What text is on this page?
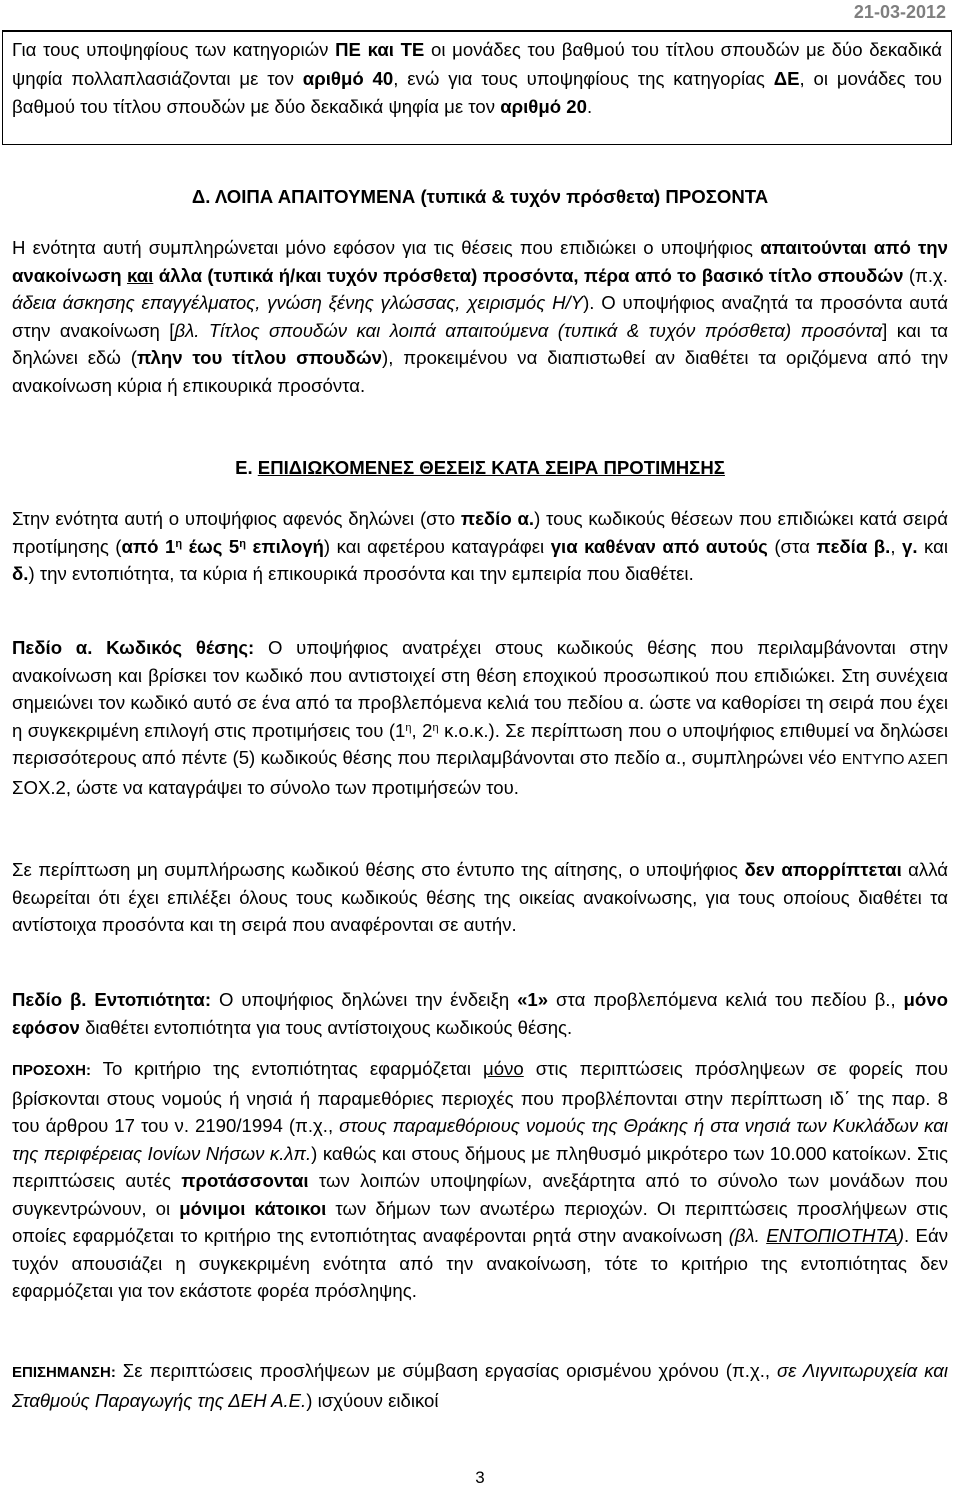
21-03-2012
Για τους υποψηφίους των κατηγοριών ΠΕ και ΤΕ οι μονάδες του βαθμού του τίτλου σπουδών με δύο δεκαδικά ψηφία πολλαπλασιάζονται με τον αριθμό 40, ενώ για τους υποψηφίους της κατηγορίας ΔΕ, οι μονάδες του βαθμού του τίτλου σπουδών με δύο δεκαδικά ψηφία με τον αριθμό 20.
Δ. ΛΟΙΠΑ ΑΠΑΙΤΟΥΜΕΝΑ (τυπικά & τυχόν πρόσθετα) ΠΡΟΣΟΝΤΑ
Η ενότητα αυτή συμπληρώνεται μόνο εφόσον για τις θέσεις που επιδιώκει ο υποψήφιος απαιτούνται από την ανακοίνωση και άλλα (τυπικά ή/και τυχόν πρόσθετα) προσόντα, πέρα από το βασικό τίτλο σπουδών (π.χ. άδεια άσκησης επαγγέλματος, γνώση ξένης γλώσσας, χειρισμός Η/Υ). Ο υποψήφιος αναζητά τα προσόντα αυτά στην ανακοίνωση [βλ. Τίτλος σπουδών και λοιπά απαιτούμενα (τυπικά & τυχόν πρόσθετα) προσόντα] και τα δηλώνει εδώ (πλην του τίτλου σπουδών), προκειμένου να διαπιστωθεί αν διαθέτει τα οριζόμενα από την ανακοίνωση κύρια ή επικουρικά προσόντα.
Ε. ΕΠΙΔΙΩΚΟΜΕΝΕΣ ΘΕΣΕΙΣ ΚΑΤΑ ΣΕΙΡΑ ΠΡΟΤΙΜΗΣΗΣ
Στην ενότητα αυτή ο υποψήφιος αφενός δηλώνει (στο πεδίο α.) τους κωδικούς θέσεων που επιδιώκει κατά σειρά προτίμησης (από $1^\eta$ έως $5^\eta$ επιλογή) και αφετέρου καταγράφει για καθέναν από αυτούς (στα πεδία β., γ. και δ.) την εντοπιότητα, τα κύρια ή επικουρικά προσόντα και την εμπειρία που διαθέτει.
Πεδίο α. Κωδικός θέσης: Ο υποψήφιος ανατρέχει στους κωδικούς θέσης που περιλαμβάνονται στην ανακοίνωση και βρίσκει τον κωδικό που αντιστοιχεί στη θέση εποχικού προσωπικού που επιδιώκει. Στη συνέχεια σημειώνει τον κωδικό αυτό σε ένα από τα προβλεπόμενα κελιά του πεδίου α. ώστε να καθορίσει τη σειρά που έχει η συγκεκριμένη επιλογή στις προτιμήσεις του ($1^\eta$, $2^\eta$ κ.ο.κ.). Σε περίπτωση που ο υποψήφιος επιθυμεί να δηλώσει περισσότερους από πέντε (5) κωδικούς θέσης που περιλαμβάνονται στο πεδίο α., συμπληρώνει νέο ΕΝΤΥΠΟ ΑΣΕΠ ΣΟΧ.2, ώστε να καταγράψει το σύνολο των προτιμήσεών του.
Σε περίπτωση μη συμπλήρωσης κωδικού θέσης στο έντυπο της αίτησης, ο υποψήφιος δεν απορρίπτεται αλλά θεωρείται ότι έχει επιλέξει όλους τους κωδικούς θέσης της οικείας ανακοίνωσης, για τους οποίους διαθέτει τα αντίστοιχα προσόντα και τη σειρά που αναφέρονται σε αυτήν.
Πεδίο β. Εντοπιότητα: Ο υποψήφιος δηλώνει την ένδειξη «1» στα προβλεπόμενα κελιά του πεδίου β., μόνο εφόσον διαθέτει εντοπιότητα για τους αντίστοιχους κωδικούς θέσης.
ΠΡΟΣΟΧΗ: Το κριτήριο της εντοπιότητας εφαρμόζεται μόνο στις περιπτώσεις πρόσληψεων σε φορείς που βρίσκονται στους νομούς ή νησιά ή παραμεθόριες περιοχές που προβλέπονται στην περίπτωση ιδ΄ της παρ. 8 του άρθρου 17 του ν. 2190/1994 (π.χ., στους παραμεθόριους νομούς της Θράκης ή στα νησιά των Κυκλάδων και της περιφέρειας Ιονίων Νήσων κ.λπ.) καθώς και στους δήμους με πληθυσμό μικρότερο των 10.000 κατοίκων. Στις περιπτώσεις αυτές προτάσσονται των λοιπών υποψηφίων, ανεξάρτητα από το σύνολο των μονάδων που συγκεντρώνουν, οι μόνιμοι κάτοικοι των δήμων των ανωτέρω περιοχών. Οι περιπτώσεις προσλήψεων στις οποίες εφαρμόζεται το κριτήριο της εντοπιότητας αναφέρονται ρητά στην ανακοίνωση (βλ. ΕΝΤΟΠΙΟΤΗΤΑ). Εάν τυχόν απουσιάζει η συγκεκριμένη ενότητα από την ανακοίνωση, τότε το κριτήριο της εντοπιότητας δεν εφαρμόζεται για τον εκάστοτε φορέα πρόσληψης.
ΕΠΙΣΗΜΑΝΣΗ: Σε περιπτώσεις προσλήψεων με σύμβαση εργασίας ορισμένου χρόνου (π.χ., σε Λιγνιτωρυχεία και Σταθμούς Παραγωγής της ΔΕΗ Α.Ε.) ισχύουν ειδικοί
3
